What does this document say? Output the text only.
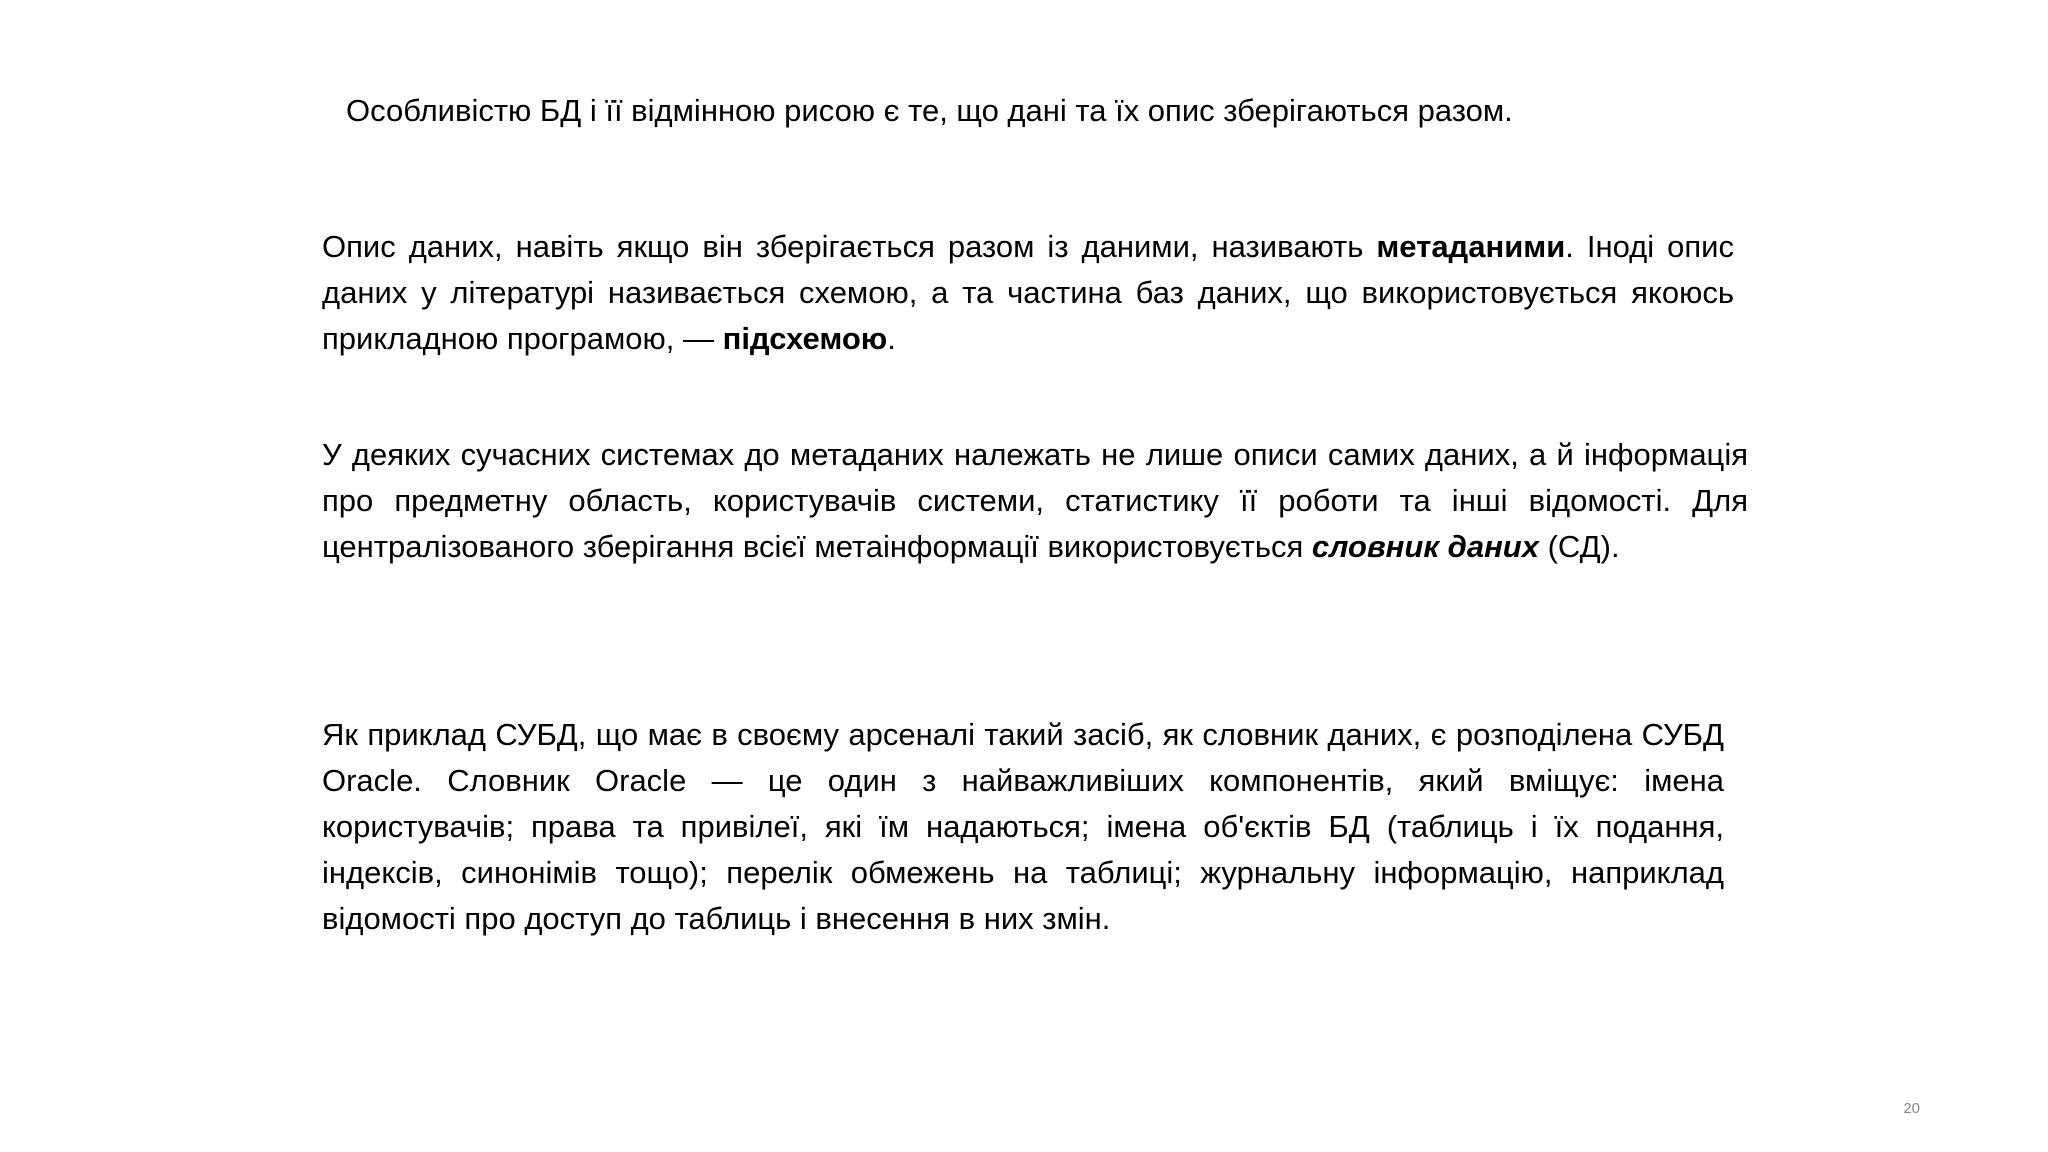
Особливістю БД і її відмінною рисою є те, що дані та їх опис зберігаються разом.

Опис даних, навіть якщо він зберігається разом із даними, називають метаданими. Іноді опис даних у літературі називається схемою, а та частина баз даних, що використовується якоюсь прикладною програмою, — підсхемою.

У деяких сучасних системах до метаданих належать не лише описи самих даних, а й інформація про предметну область, користувачів системи, статистику її роботи та інші відомості. Для централізованого зберігання всієї метаінформації використовується словник даних (СД).

Як приклад СУБД, що має в своєму арсеналі такий засіб, як словник даних, є розподілена СУБД Oracle. Словник Oracle — це один з найважливіших компонентів, який вміщує: імена користувачів; права та привілеї, які їм надаються; імена об'єктів БД (таблиць і їх подання, індексів, синонімів тощо); перелік обмежень на таблиці; журнальну інформацію, наприклад відомості про доступ до таблиць і внесення в них змін.

20
